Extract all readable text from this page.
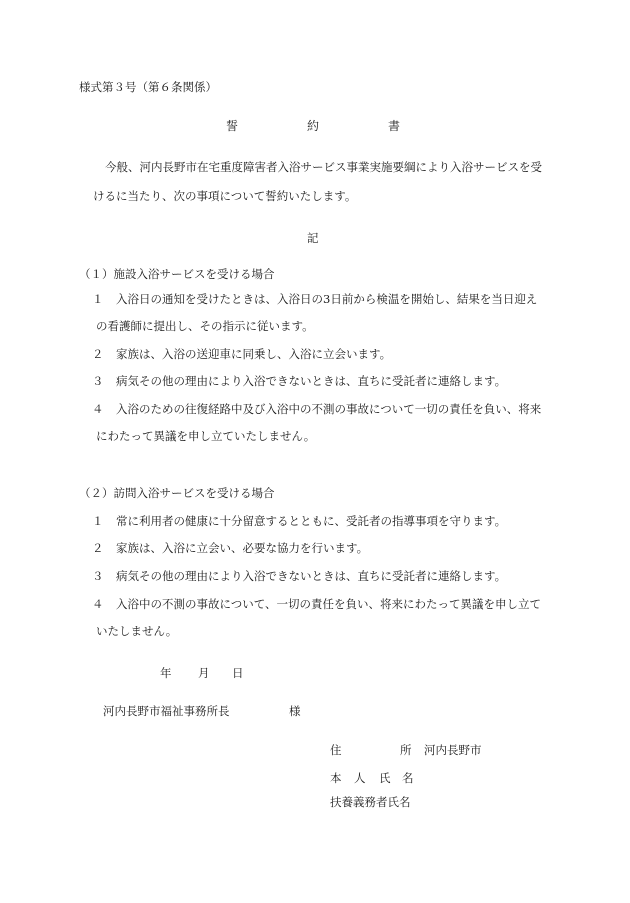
様式第３号（第６条関係）
誓	約	書
今般、河内長野市在宅重度障害者入浴サービス事業実施要綱により入浴サービスを受
けるに当たり、次の事項について誓約いたします。
記
（１）施設入浴サービスを受ける場合
１ 入浴日の通知を受けたときは、入浴日の3日前から検温を開始し、結果を当日迎え
の看護師に提出し、その指示に従います。
２ 家族は、入浴の送迎車に同乗し、入浴に立会います。
３ 病気その他の理由により入浴できないときは、直ちに受託者に連絡します。
４ 入浴のための往復経路中及び入浴中の不測の事故について一切の責任を負い、将来
にわたって異議を申し立ていたしません。
（２）訪問入浴サービスを受ける場合
１ 常に利用者の健康に十分留意するとともに、受託者の指導事項を守ります。
２ 家族は、入浴に立会い、必要な協力を行います。
３ 病気その他の理由により入浴できないときは、直ちに受託者に連絡します。
４ 入浴中の不測の事故について、一切の責任を負い、将来にわたって異議を申し立て
いたしません。
年 月 日
河内長野市福祉事務所長	様
住	所 河内長野市
本 人 氏 名
扶養義務者氏名
